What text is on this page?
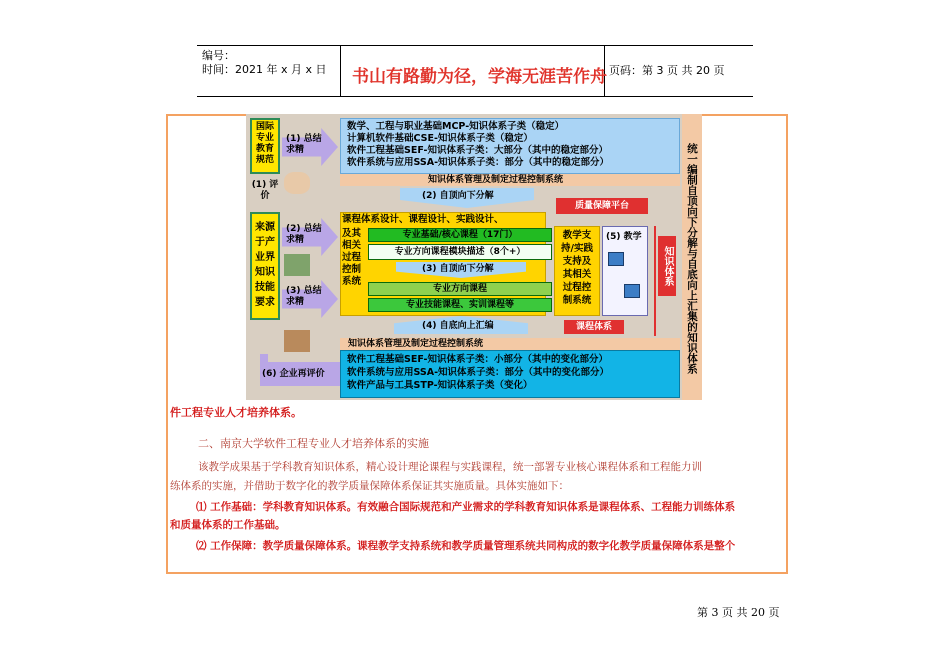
编号：
时间：2021 年 x 月 x 日 书山有路勤为径，学海无涯苦作舟 页码：第 3 页 共 20 页
国际专业教育规范
(1) 评价
来源于产业界知识技能要求
(1) 总结求精
(2) 总结求精
(3) 总结求精
(6) 企业再评价
数学、工程与职业基础MCP-知识体系子类（稳定）
计算机软件基础CSE-知识体系子类（稳定）
软件工程基础SEF-知识体系子类：大部分（其中的稳定部分）
软件系统与应用SSA-知识体系子类：部分（其中的稳定部分）
知识体系管理及制定过程控制系统
(2) 自顶向下分解
质量保障平台
课程体系设计、课程设计、实践设计、
及其相关过程控制系统
专业基础/核心课程（17门）
专业方向课程模块描述（8个+）
(3) 自顶向下分解
专业方向课程
专业技能课程、实训课程等
(4) 自底向上汇编
教学支持/实践支持及其相关过程控制系统
(5) 教学
课程体系
知识体系	统一编制自顶向下分解与自底向上汇集的知识体系
知识体系管理及制定过程控制系统
软件工程基础SEF-知识体系子类：小部分（其中的变化部分）
软件系统与应用SSA-知识体系子类：部分（其中的变化部分）
软件产品与工具STP-知识体系子类（变化）
件工程专业人才培养体系。
二、南京大学软件工程专业人才培养体系的实施
该教学成果基于学科教育知识体系，精心设计理论课程与实践课程，统一部署专业核心课程体系和工程能力训
练体系的实施，并借助于数字化的教学质量保障体系保证其实施质量。具体实施如下：
⑴ 工作基础：学科教育知识体系。有效融合国际规范和产业需求的学科教育知识体系是课程体系、工程能力训练体系
和质量体系的工作基础。
⑵ 工作保障：教学质量保障体系。课程教学支持系统和教学质量管理系统共同构成的数字化教学质量保障体系是整个
第 3 页 共 20 页
